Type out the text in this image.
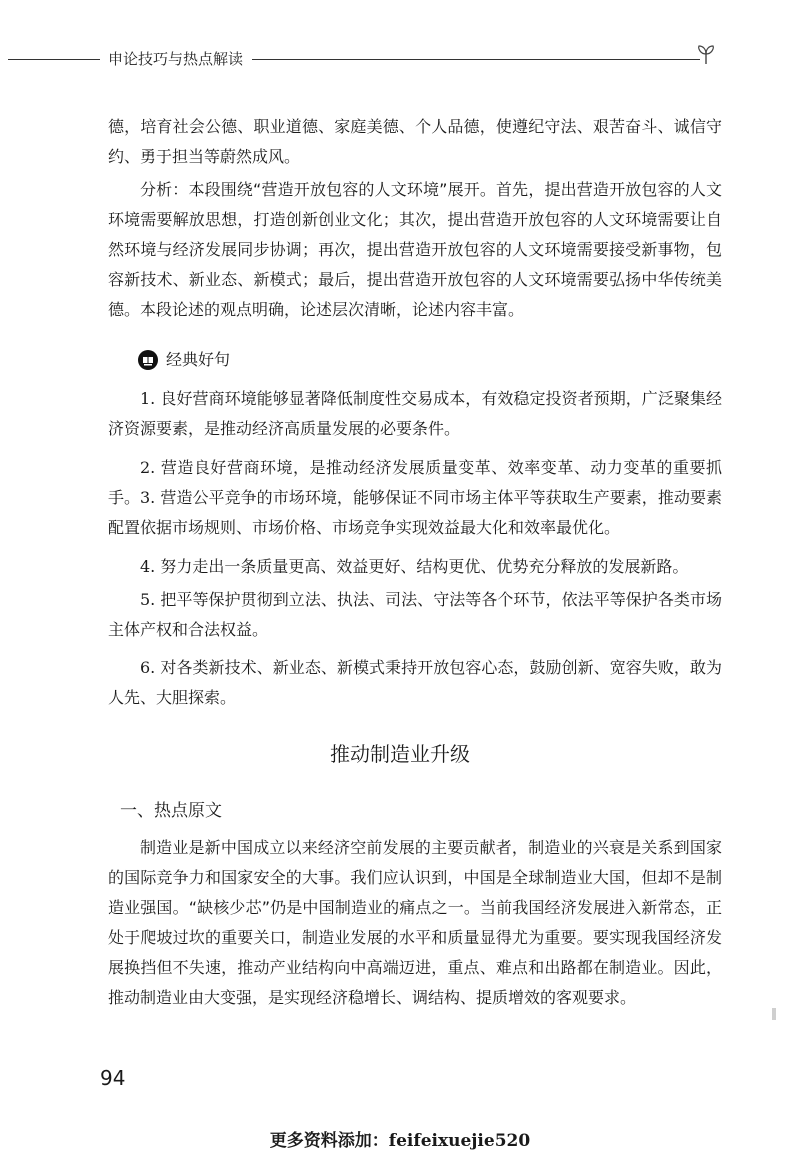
申论技巧与热点解读

德，培育社会公德、职业道德、家庭美德、个人品德，使遵纪守法、艰苦奋斗、诚信守约、勇于担当等蔚然成风。

分析：本段围绕“营造开放包容的人文环境”展开。首先，提出营造开放包容的人文环境需要解放思想，打造创新创业文化；其次，提出营造开放包容的人文环境需要让自然环境与经济发展同步协调；再次，提出营造开放包容的人文环境需要接受新事物，包容新技术、新业态、新模式；最后，提出营造开放包容的人文环境需要弘扬中华传统美德。本段论述的观点明确，论述层次清晰，论述内容丰富。

经典好句

1. 良好营商环境能够显著降低制度性交易成本，有效稳定投资者预期，广泛聚集经济资源要素，是推动经济高质量发展的必要条件。

2. 营造良好营商环境，是推动经济发展质量变革、效率变革、动力变革的重要抓手。 3. 营造公平竞争的市场环境，能够保证不同市场主体平等获取生产要素，推动要素配置依据市场规则、市场价格、市场竞争实现效益最大化和效率最优化。

4. 努力走出一条质量更高、效益更好、结构更优、优势充分释放的发展新路。

5. 把平等保护贯彻到立法、执法、司法、守法等各个环节，依法平等保护各类市场主体产权和合法权益。

6. 对各类新技术、新业态、新模式秉持开放包容心态，鼓励创新、宽容失败，敢为人先、大胆探索。

推动制造业升级
一、热点原文

制造业是新中国成立以来经济空前发展的主要贡献者，制造业的兴衰是关系到国家的国际竞争力和国家安全的大事。我们应认识到，中国是全球制造业大国，但却不是制造业强国。“缺核少芯”仍是中国制造业的痛点之一。当前我国经济发展进入新常态，正处于爬坡过坎的重要关口，制造业发展的水平和质量显得尤为重要。要实现我国经济发展换挡但不失速，推动产业结构向中高端迈进，重点、难点和出路都在制造业。因此，推动制造业由大变强，是实现经济稳增长、调结构、提质增效的客观要求。

94
更多资料添加：feifeixuejie520
